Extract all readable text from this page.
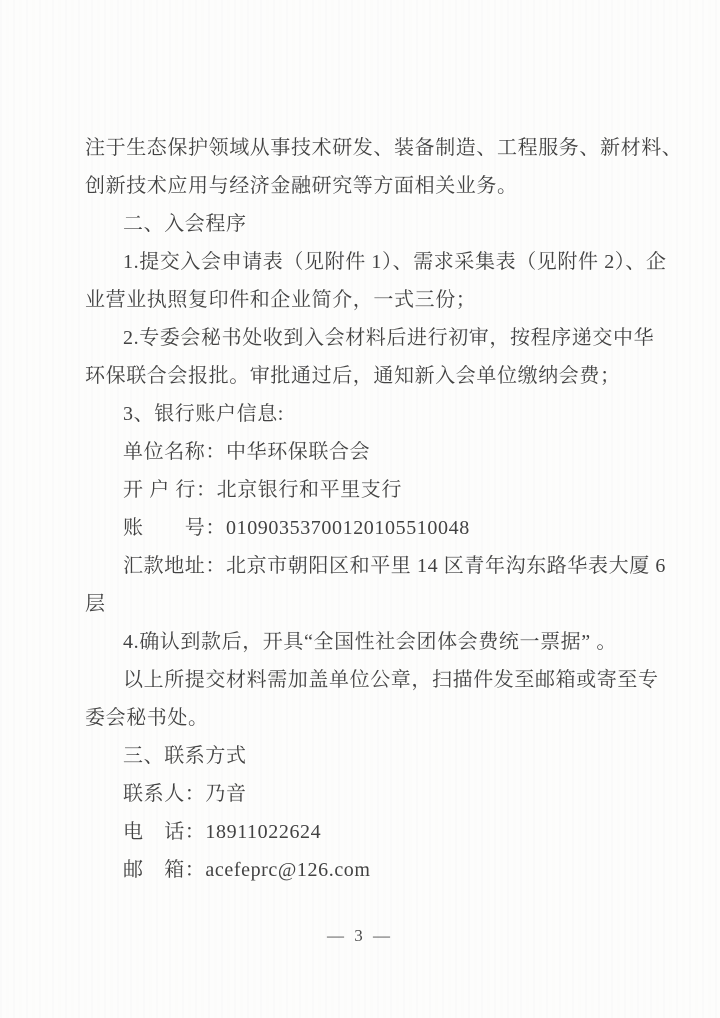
注于生态保护领域从事技术研发、装备制造、工程服务、新材料、
创新技术应用与经济金融研究等方面相关业务。
二、入会程序
1.提交入会申请表（见附件 1）、需求采集表（见附件 2）、企
业营业执照复印件和企业简介，一式三份；
2.专委会秘书处收到入会材料后进行初审，按程序递交中华
环保联合会报批。审批通过后，通知新入会单位缴纳会费；
3、银行账户信息:
单位名称：中华环保联合会
开 户 行：北京银行和平里支行
账　　号：01090353700120105510048
汇款地址：北京市朝阳区和平里 14 区青年沟东路华表大厦 6
层
4.确认到款后，开具“全国性社会团体会费统一票据” 。
以上所提交材料需加盖单位公章，扫描件发至邮箱或寄至专
委会秘书处。
三、联系方式
联系人：乃音
电　话：18911022624
邮　箱：acefeprc@126.com
— 3 —
